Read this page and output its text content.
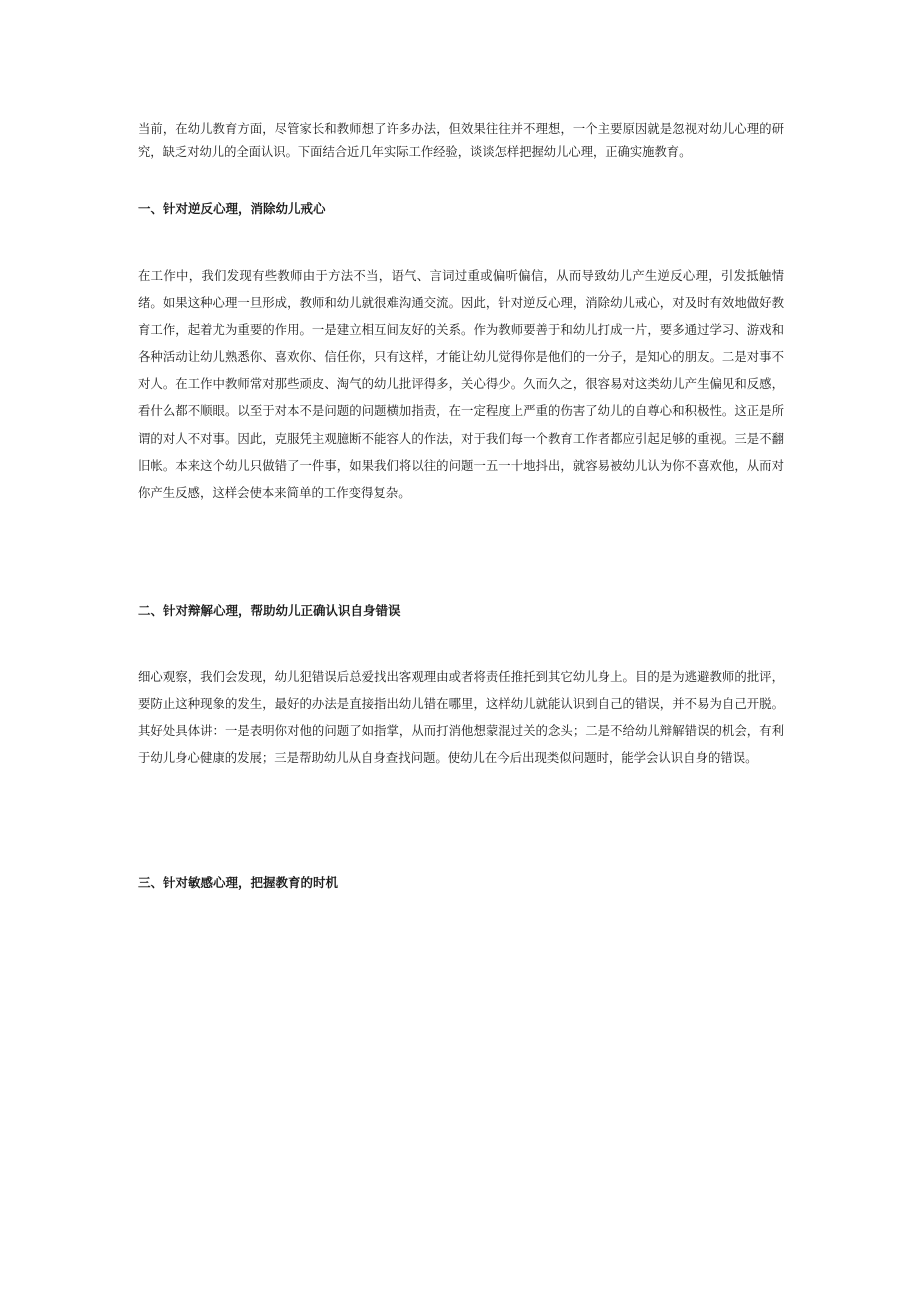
当前，在幼儿教育方面，尽管家长和教师想了许多办法，但效果往往并不理想，一个主要原因就是忽视对幼儿心理的研究，缺乏对幼儿的全面认识。下面结合近几年实际工作经验，谈谈怎样把握幼儿心理，正确实施教育。

一、针对逆反心理，消除幼儿戒心

在工作中，我们发现有些教师由于方法不当，语气、言词过重或偏听偏信，从而导致幼儿产生逆反心理，引发抵触情绪。如果这种心理一旦形成，教师和幼儿就很难沟通交流。因此，针对逆反心理，消除幼儿戒心，对及时有效地做好教育工作，起着尤为重要的作用。一是建立相互间友好的关系。作为教师要善于和幼儿打成一片，要多通过学习、游戏和各种活动让幼儿熟悉你、喜欢你、信任你，只有这样，才能让幼儿觉得你是他们的一分子，是知心的朋友。二是对事不对人。在工作中教师常对那些顽皮、淘气的幼儿批评得多，关心得少。久而久之，很容易对这类幼儿产生偏见和反感，看什么都不顺眼。以至于对本不是问题的问题横加指责，在一定程度上严重的伤害了幼儿的自尊心和积极性。这正是所谓的对人不对事。因此，克服凭主观臆断不能容人的作法，对于我们每一个教育工作者都应引起足够的重视。三是不翻旧帐。本来这个幼儿只做错了一件事，如果我们将以往的问题一五一十地抖出，就容易被幼儿认为你不喜欢他，从而对你产生反感，这样会使本来简单的工作变得复杂。

二、针对辩解心理，帮助幼儿正确认识自身错误

细心观察，我们会发现，幼儿犯错误后总爱找出客观理由或者将责任推托到其它幼儿身上。目的是为逃避教师的批评，要防止这种现象的发生，最好的办法是直接指出幼儿错在哪里，这样幼儿就能认识到自己的错误，并不易为自己开脱。其好处具体讲：一是表明你对他的问题了如指掌，从而打消他想蒙混过关的念头；二是不给幼儿辩解错误的机会，有利于幼儿身心健康的发展；三是帮助幼儿从自身查找问题。使幼儿在今后出现类似问题时，能学会认识自身的错误。

三、针对敏感心理，把握教育的时机
